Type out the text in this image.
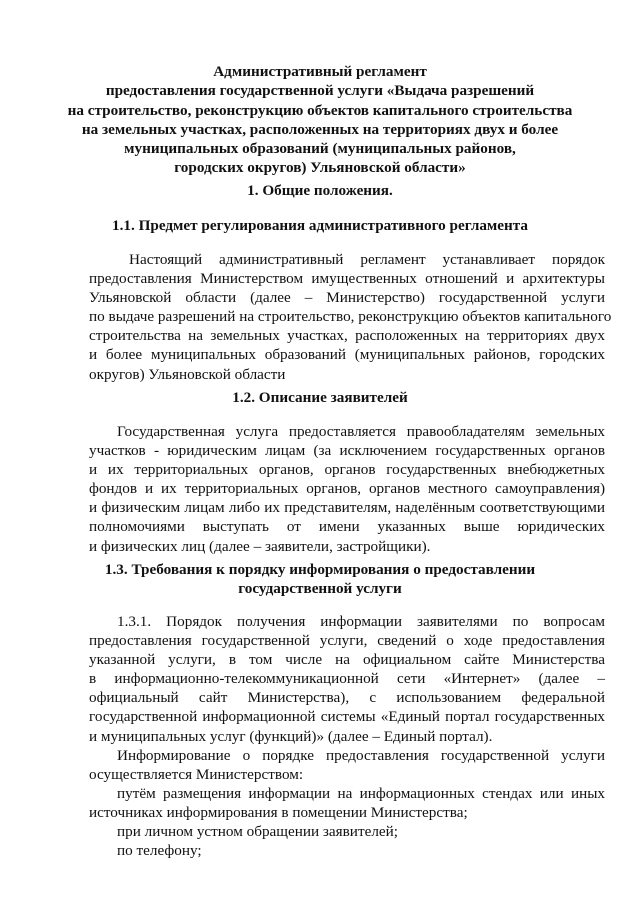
Административный регламент
предоставления государственной услуги «Выдача разрешений
на строительство, реконструкцию объектов капитального строительства
на земельных участках, расположенных на территориях двух и более
муниципальных образований (муниципальных районов,
городских округов) Ульяновской области»
1. Общие положения.
1.1. Предмет регулирования административного регламента
Настоящий административный регламент устанавливает порядок
предоставления Министерством имущественных отношений и архитектуры
Ульяновской области (далее – Министерство) государственной услуги
по выдаче разрешений на строительство, реконструкцию объектов капитального
строительства на земельных участках, расположенных на территориях двух
и более муниципальных образований (муниципальных районов, городских
округов) Ульяновской области
1.2. Описание заявителей
Государственная услуга предоставляется правообладателям земельных
участков - юридическим лицам (за исключением государственных органов
и их территориальных органов, органов государственных внебюджетных
фондов и их территориальных органов, органов местного самоуправления)
и физическим лицам либо их представителям, наделённым соответствующими
полномочиями выступать от имени указанных выше юридических
и физических лиц (далее – заявители, застройщики).
1.3. Требования к порядку информирования о предоставлении
государственной услуги
1.3.1. Порядок получения информации заявителями по вопросам
предоставления государственной услуги, сведений о ходе предоставления
указанной услуги, в том числе на официальном сайте Министерства
в информационно-телекоммуникационной сети «Интернет» (далее –
официальный сайт Министерства), с использованием федеральной
государственной информационной системы «Единый портал государственных
и муниципальных услуг (функций)» (далее – Единый портал).
Информирование о порядке предоставления государственной услуги
осуществляется Министерством:
путём размещения информации на информационных стендах или иных
источниках информирования в помещении Министерства;
при личном устном обращении заявителей;
по телефону;
